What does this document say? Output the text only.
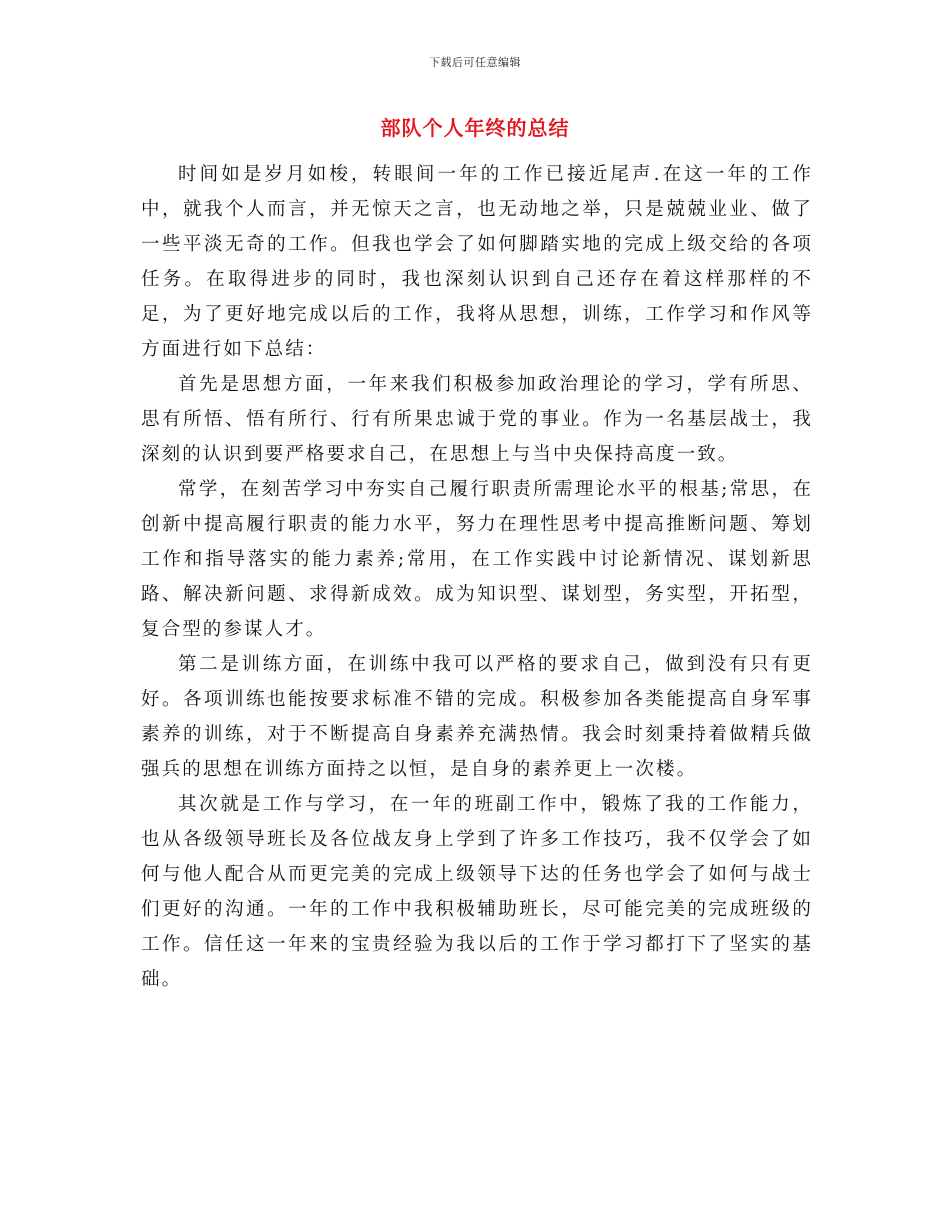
下载后可任意编辑
部队个人年终的总结

时间如是岁月如梭，转眼间一年的工作已接近尾声.在这一年的工作中，就我个人而言，并无惊天之言，也无动地之举，只是兢兢业业、做了一些平淡无奇的工作。但我也学会了如何脚踏实地的完成上级交给的各项任务。在取得进步的同时，我也深刻认识到自己还存在着这样那样的不足，为了更好地完成以后的工作，我将从思想，训练，工作学习和作风等方面进行如下总结：

首先是思想方面，一年来我们积极参加政治理论的学习，学有所思、思有所悟、悟有所行、行有所果忠诚于党的事业。作为一名基层战士，我深刻的认识到要严格要求自己，在思想上与当中央保持高度一致。

常学，在刻苦学习中夯实自己履行职责所需理论水平的根基;常思，在创新中提高履行职责的能力水平，努力在理性思考中提高推断问题、筹划工作和指导落实的能力素养;常用，在工作实践中讨论新情况、谋划新思路、解决新问题、求得新成效。成为知识型、谋划型，务实型，开拓型，复合型的参谋人才。

第二是训练方面，在训练中我可以严格的要求自己，做到没有只有更好。各项训练也能按要求标准不错的完成。积极参加各类能提高自身军事素养的训练，对于不断提高自身素养充满热情。我会时刻秉持着做精兵做强兵的思想在训练方面持之以恒，是自身的素养更上一次楼。

其次就是工作与学习，在一年的班副工作中，锻炼了我的工作能力，也从各级领导班长及各位战友身上学到了许多工作技巧，我不仅学会了如何与他人配合从而更完美的完成上级领导下达的任务也学会了如何与战士们更好的沟通。一年的工作中我积极辅助班长，尽可能完美的完成班级的工作。信任这一年来的宝贵经验为我以后的工作于学习都打下了坚实的基础。
